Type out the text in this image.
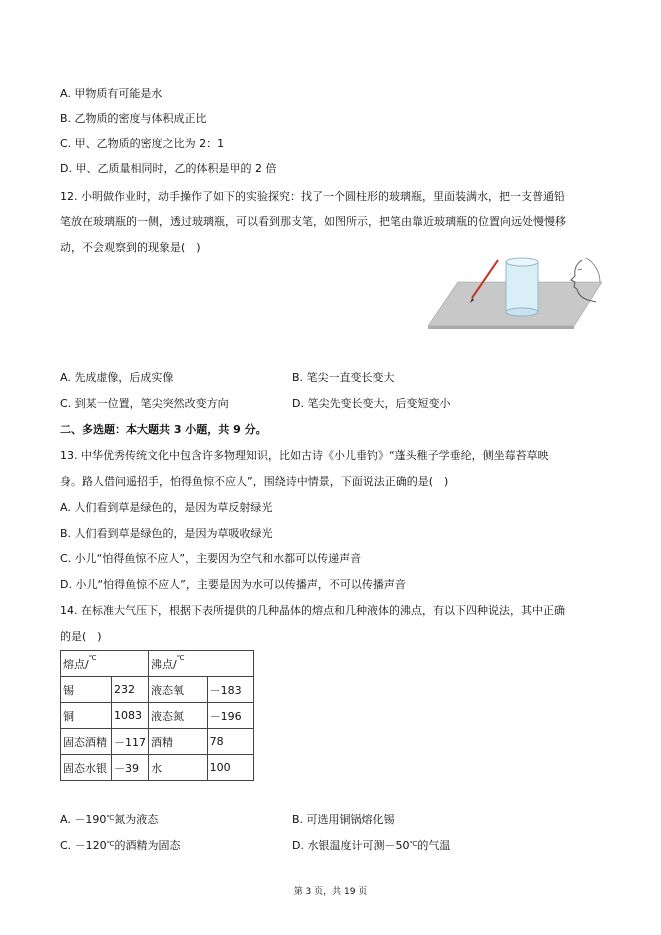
A. 甲物质有可能是水
B. 乙物质的密度与体积成正比
C. 甲、乙物质的密度之比为 2：1
D. 甲、乙质量相同时，乙的体积是甲的 2 倍
12. 小明做作业时，动手操作了如下的实验探究：找了一个圆柱形的玻璃瓶，里面装满水，把一支普通铅
笔放在玻璃瓶的一侧，透过玻璃瓶，可以看到那支笔，如图所示，把笔由靠近玻璃瓶的位置向远处慢慢移
动，不会观察到的现象是(　)
A. 先成虚像，后成实像	B. 笔尖一直变长变大
C. 到某一位置，笔尖突然改变方向	D. 笔尖先变长变大，后变短变小
二、多选题：本大题共 3 小题，共 9 分。
13. 中华优秀传统文化中包含许多物理知识，比如古诗《小儿垂钓》“蓬头稚子学垂纶，侧坐莓苔草映
身。路人借问遥招手，怕得鱼惊不应人”，围绕诗中情景，下面说法正确的是(　)
A. 人们看到草是绿色的，是因为草反射绿光
B. 人们看到草是绿色的，是因为草吸收绿光
C. 小儿“怕得鱼惊不应人”，主要因为空气和水都可以传递声音
D. 小儿“怕得鱼惊不应人”，主要是因为水可以传播声，不可以传播声音
14. 在标准大气压下，根据下表所提供的几种晶体的熔点和几种液体的沸点，有以下四种说法，其中正确
的是(　)
熔点/℃		沸点/℃
锡	232	液态氧	－183
铜	1083	液态氮	－196
固态酒精	－117	酒精	78
固态水银	－39	水	100
A. －190℃氮为液态	B. 可选用铜锅熔化锡
C. －120℃的酒精为固态	D. 水银温度计可测－50℃的气温
第 3 页，共 19 页
